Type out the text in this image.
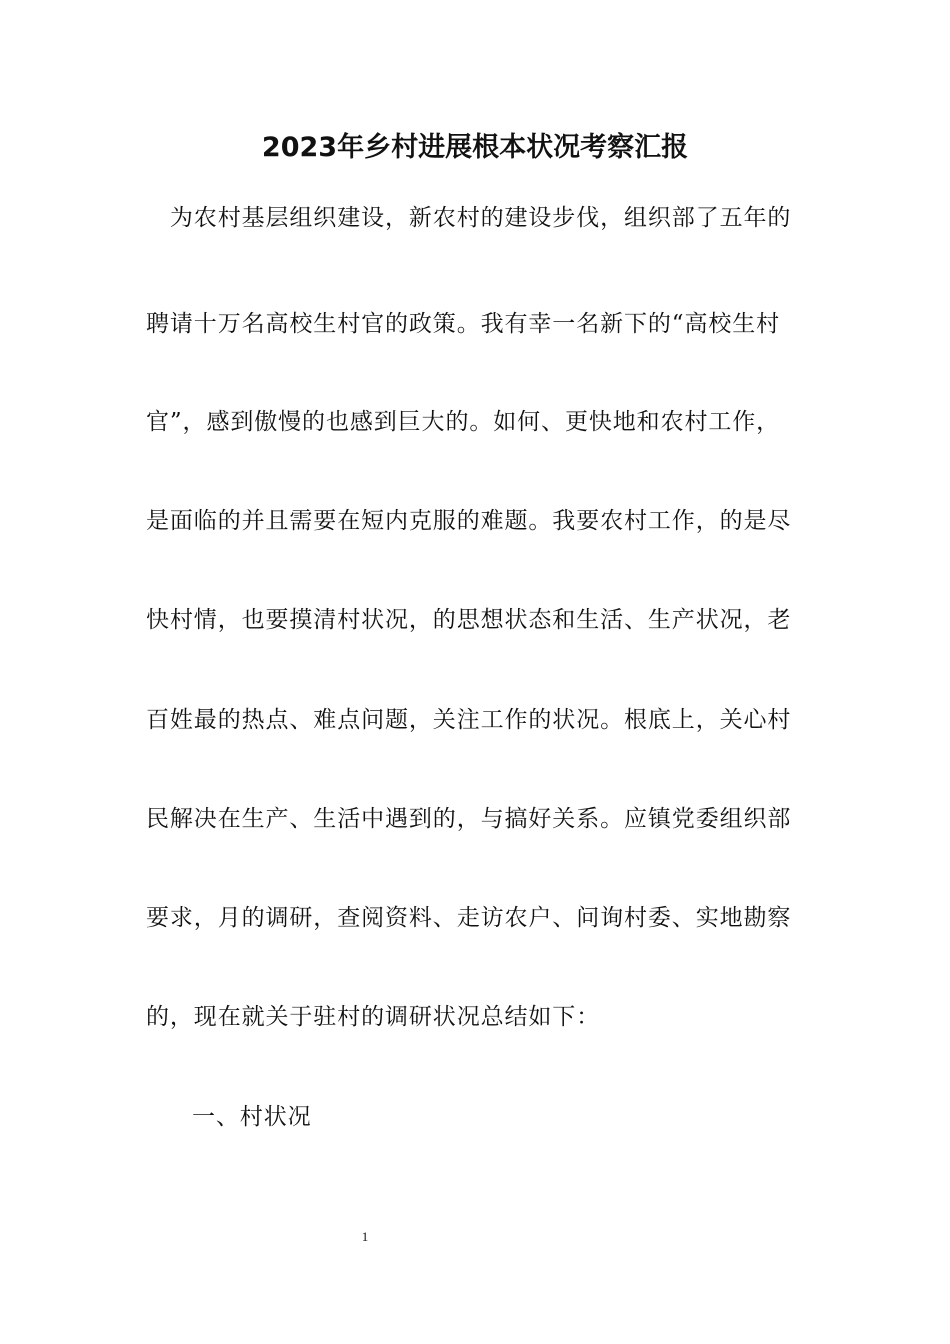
2023年乡村进展根本状况考察汇报
　为农村基层组织建设，新农村的建设步伐，组织部了五年的
聘请十万名高校生村官的政策。我有幸一名新下的“高校生村
官”，感到傲慢的也感到巨大的。如何、更快地和农村工作，
是面临的并且需要在短内克服的难题。我要农村工作，的是尽
快村情，也要摸清村状况，的思想状态和生活、生产状况，老
百姓最的热点、难点问题，关注工作的状况。根底上，关心村
民解决在生产、生活中遇到的，与搞好关系。应镇党委组织部
要求，月的调研，查阅资料、走访农户、问询村委、实地勘察
的，现在就关于驻村的调研状况总结如下：
一、村状况
1
